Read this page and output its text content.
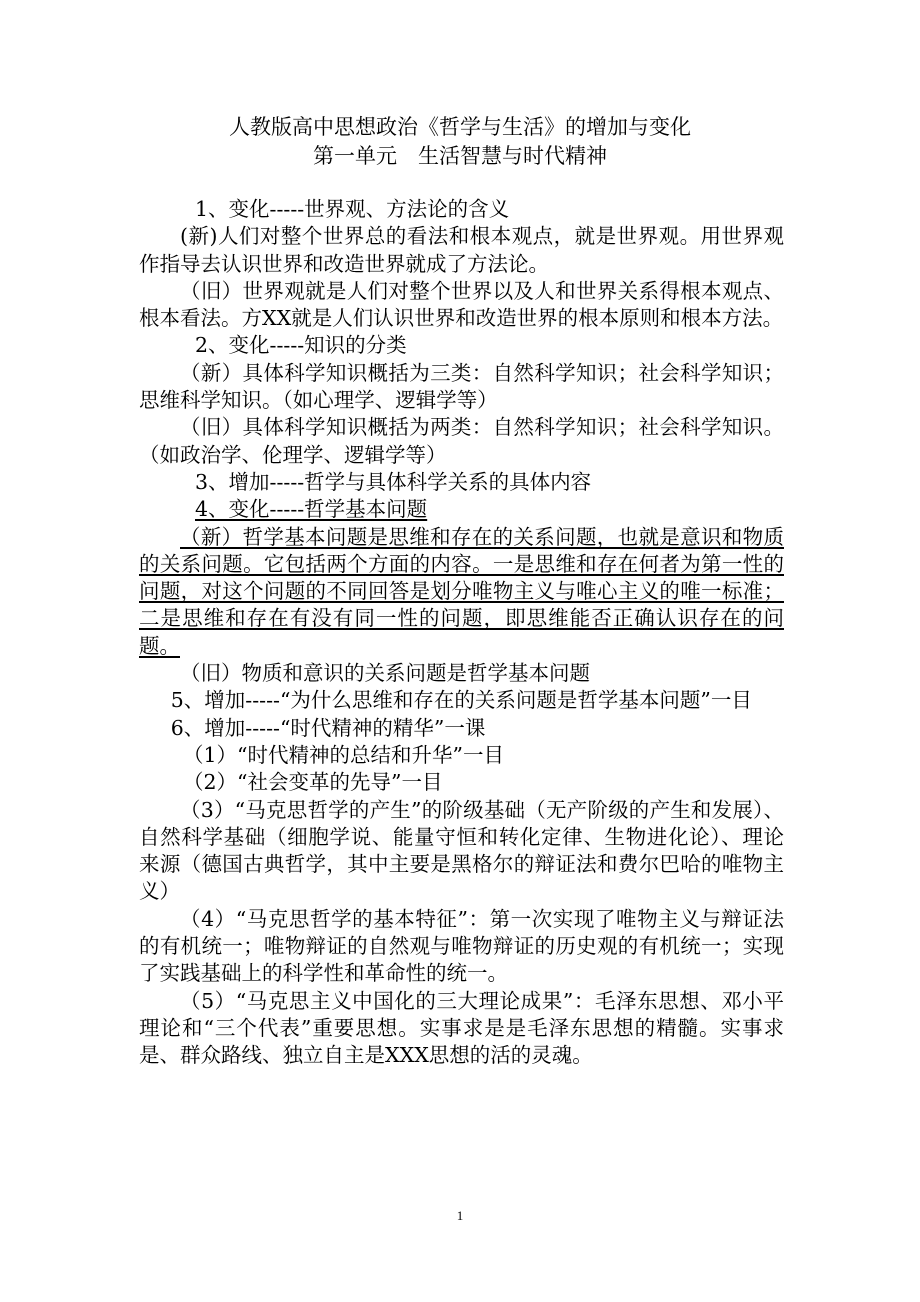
人教版高中思想政治《哲学与生活》的增加与变化
第一单元　生活智慧与时代精神

1、变化-----世界观、方法论的含义

(新)人们对整个世界总的看法和根本观点，就是世界观。用世界观作指导去认识世界和改造世界就成了方法论。

（旧）世界观就是人们对整个世界以及人和世界关系得根本观点、根本看法。方XX就是人们认识世界和改造世界的根本原则和根本方法。

2、变化-----知识的分类

（新）具体科学知识概括为三类：自然科学知识；社会科学知识；思维科学知识。（如心理学、逻辑学等）

（旧）具体科学知识概括为两类：自然科学知识；社会科学知识。（如政治学、伦理学、逻辑学等）

3、增加-----哲学与具体科学关系的具体内容

4、变化-----哲学基本问题

（新）哲学基本问题是思维和存在的关系问题，也就是意识和物质的关系问题。它包括两个方面的内容。一是思维和存在何者为第一性的问题，对这个问题的不同回答是划分唯物主义与唯心主义的唯一标准；二是思维和存在有没有同一性的问题，即思维能否正确认识存在的问题。

（旧）物质和意识的关系问题是哲学基本问题

5、增加-----“为什么思维和存在的关系问题是哲学基本问题”一目

6、增加-----“时代精神的精华”一课

（1）“时代精神的总结和升华”一目

（2）“社会变革的先导”一目

（3）“马克思哲学的产生”的阶级基础（无产阶级的产生和发展）、自然科学基础（细胞学说、能量守恒和转化定律、生物进化论）、理论来源（德国古典哲学，其中主要是黑格尔的辩证法和费尔巴哈的唯物主义）

（4）“马克思哲学的基本特征”：第一次实现了唯物主义与辩证法的有机统一；唯物辩证的自然观与唯物辩证的历史观的有机统一；实现了实践基础上的科学性和革命性的统一。

（5）“马克思主义中国化的三大理论成果”：毛泽东思想、邓小平理论和“三个代表”重要思想。实事求是是毛泽东思想的精髓。实事求是、群众路线、独立自主是XXX思想的活的灵魂。

1
